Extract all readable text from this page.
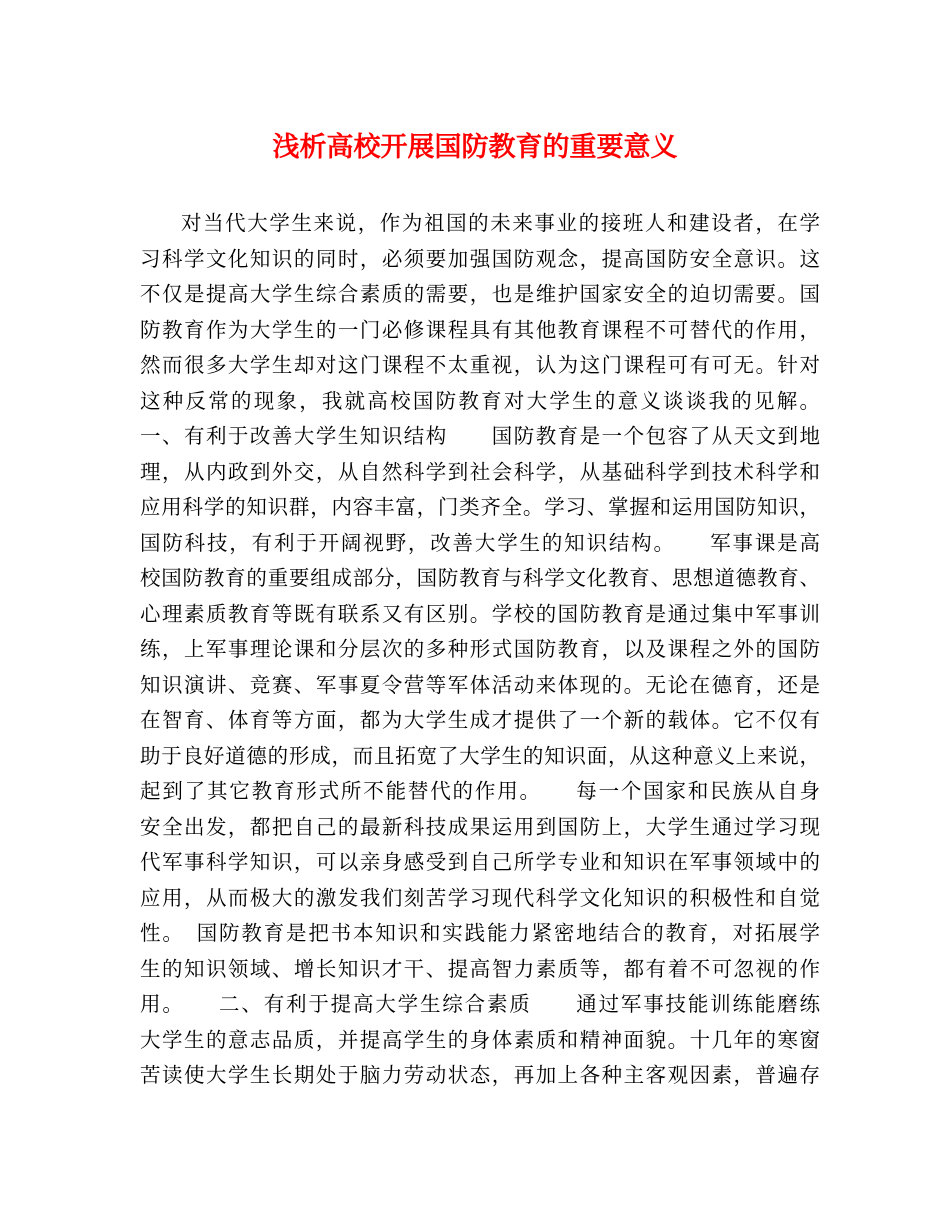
浅析高校开展国防教育的重要意义
对当代大学生来说，作为祖国的未来事业的接班人和建设者，在学
习科学文化知识的同时，必须要加强国防观念，提高国防安全意识。这
不仅是提高大学生综合素质的需要，也是维护国家安全的迫切需要。国
防教育作为大学生的一门必修课程具有其他教育课程不可替代的作用，
然而很多大学生却对这门课程不太重视，认为这门课程可有可无。针对
这种反常的现象，我就高校国防教育对大学生的意义谈谈我的见解。
一、有利于改善大学生知识结构　　国防教育是一个包容了从天文到地
理，从内政到外交，从自然科学到社会科学，从基础科学到技术科学和
应用科学的知识群，内容丰富，门类齐全。学习、掌握和运用国防知识，
国防科技，有利于开阔视野，改善大学生的知识结构。　　军事课是高
校国防教育的重要组成部分，国防教育与科学文化教育、思想道德教育、
心理素质教育等既有联系又有区别。学校的国防教育是通过集中军事训
练，上军事理论课和分层次的多种形式国防教育，以及课程之外的国防
知识演讲、竞赛、军事夏令营等军体活动来体现的。无论在德育，还是
在智育、体育等方面，都为大学生成才提供了一个新的载体。它不仅有
助于良好道德的形成，而且拓宽了大学生的知识面，从这种意义上来说，
起到了其它教育形式所不能替代的作用。　　每一个国家和民族从自身
安全出发，都把自己的最新科技成果运用到国防上，大学生通过学习现
代军事科学知识，可以亲身感受到自己所学专业和知识在军事领域中的
应用，从而极大的激发我们刻苦学习现代科学文化知识的积极性和自觉
性。　国防教育是把书本知识和实践能力紧密地结合的教育，对拓展学
生的知识领域、增长知识才干、提高智力素质等，都有着不可忽视的作
用。　　二、有利于提高大学生综合素质　　通过军事技能训练能磨练
大学生的意志品质，并提高学生的身体素质和精神面貌。十几年的寒窗
苦读使大学生长期处于脑力劳动状态，再加上各种主客观因素，普遍存
